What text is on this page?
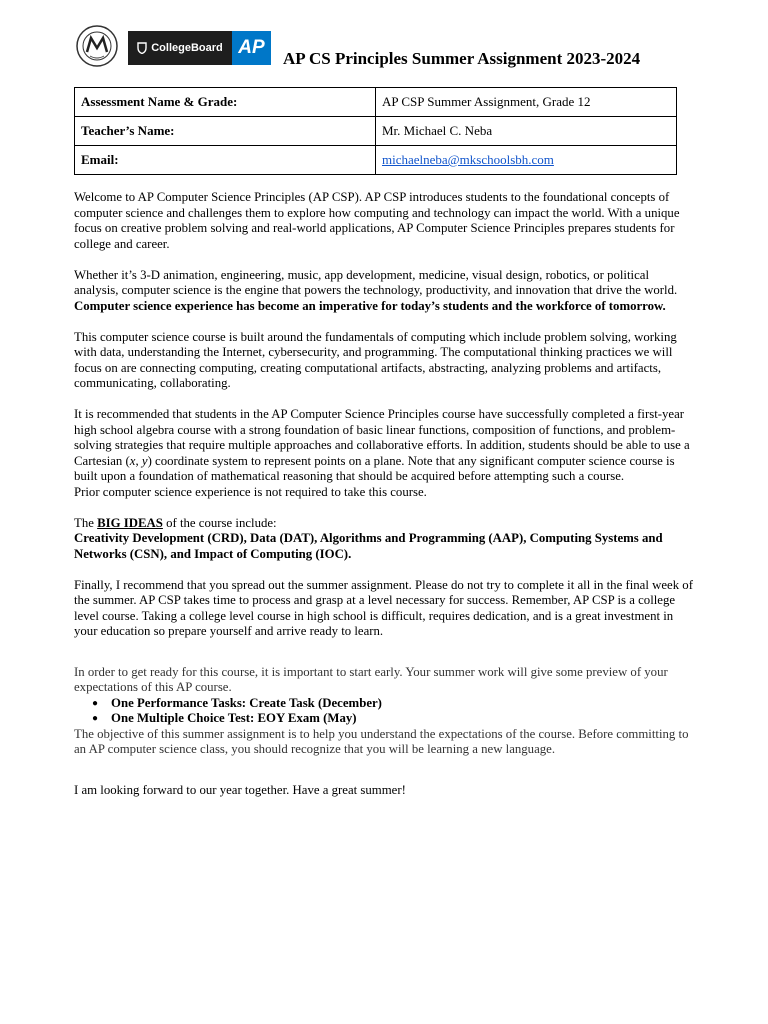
CollegeBoard AP
AP CS Principles Summer Assignment 2023-2024
Assessment Name & Grade:	AP CSP Summer Assignment, Grade 12
Teacher’s Name:	Mr. Michael C. Neba
Email:	michaelneba@mkschoolsbh.com

Welcome to AP Computer Science Principles (AP CSP). AP CSP introduces students to the foundational concepts of computer science and challenges them to explore how computing and technology can impact the world. With a unique focus on creative problem solving and real-world applications, AP Computer Science Principles prepares students for college and career.

Whether it’s 3-D animation, engineering, music, app development, medicine, visual design, robotics, or political analysis, computer science is the engine that powers the technology, productivity, and innovation that drive the world. Computer science experience has become an imperative for today’s students and the workforce of tomorrow.

This computer science course is built around the fundamentals of computing which include problem solving, working with data, understanding the Internet, cybersecurity, and programming. The computational thinking practices we will focus on are connecting computing, creating computational artifacts, abstracting, analyzing problems and artifacts, communicating, collaborating.

It is recommended that students in the AP Computer Science Principles course have successfully completed a first-year high school algebra course with a strong foundation of basic linear functions, composition of functions, and problem-solving strategies that require multiple approaches and collaborative efforts. In addition, students should be able to use a Cartesian (x, y) coordinate system to represent points on a plane. Note that any significant computer science course is built upon a foundation of mathematical reasoning that should be acquired before attempting such a course.

Prior computer science experience is not required to take this course.

The BIG IDEAS of the course include:

Creativity Development (CRD), Data (DAT), Algorithms and Programming (AAP), Computing Systems and Networks (CSN), and Impact of Computing (IOC).

Finally, I recommend that you spread out the summer assignment. Please do not try to complete it all in the final week of the summer. AP CSP takes time to process and grasp at a level necessary for success. Remember, AP CSP is a college level course. Taking a college level course in high school is difficult, requires dedication, and is a great investment in your education so prepare yourself and arrive ready to learn.

In order to get ready for this course, it is important to start early. Your summer work will give some preview of your expectations of this AP course.

● One Performance Tasks: Create Task (December)
● One Multiple Choice Test: EOY Exam (May)

The objective of this summer assignment is to help you understand the expectations of the course. Before committing to an AP computer science class, you should recognize that you will be learning a new language.

I am looking forward to our year together. Have a great summer!
